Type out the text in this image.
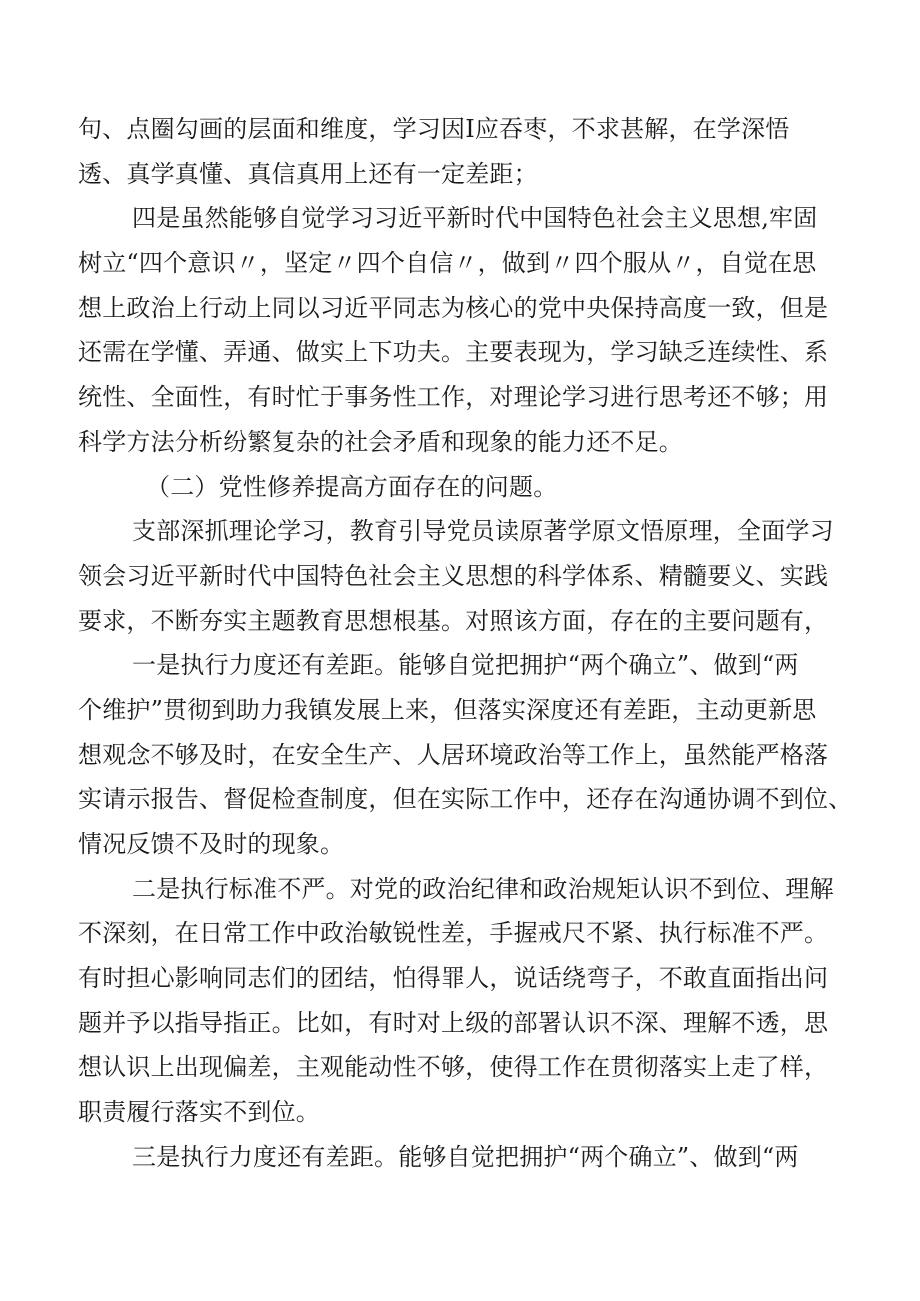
句、点圈勾画的层面和维度，学习因I应吞枣，不求甚解，在学深悟
透、真学真懂、真信真用上还有一定差距；
四是虽然能够自觉学习习近平新时代中国特色社会主义思想,牢固
树立“四个意识〃，坚定〃四个自信〃，做到〃四个服从〃，自觉在思
想上政治上行动上同以习近平同志为核心的党中央保持高度一致，但是
还需在学懂、弄通、做实上下功夫。主要表现为，学习缺乏连续性、系
统性、全面性，有时忙于事务性工作，对理论学习进行思考还不够；用
科学方法分析纷繁复杂的社会矛盾和现象的能力还不足。
（二）党性修养提高方面存在的问题。
支部深抓理论学习，教育引导党员读原著学原文悟原理，全面学习
领会习近平新时代中国特色社会主义思想的科学体系、精髓要义、实践
要求，不断夯实主题教育思想根基。对照该方面，存在的主要问题有，
一是执行力度还有差距。能够自觉把拥护“两个确立”、做到“两
个维护”贯彻到助力我镇发展上来，但落实深度还有差距，主动更新思
想观念不够及时，在安全生产、人居环境政治等工作上，虽然能严格落
实请示报告、督促检查制度，但在实际工作中，还存在沟通协调不到位、
情况反馈不及时的现象。
二是执行标准不严。对党的政治纪律和政治规矩认识不到位、理解
不深刻，在日常工作中政治敏锐性差，手握戒尺不紧、执行标准不严。
有时担心影响同志们的团结，怕得罪人，说话绕弯子，不敢直面指出问
题并予以指导指正。比如，有时对上级的部署认识不深、理解不透，思
想认识上出现偏差，主观能动性不够，使得工作在贯彻落实上走了样，
职责履行落实不到位。
三是执行力度还有差距。能够自觉把拥护“两个确立”、做到“两
